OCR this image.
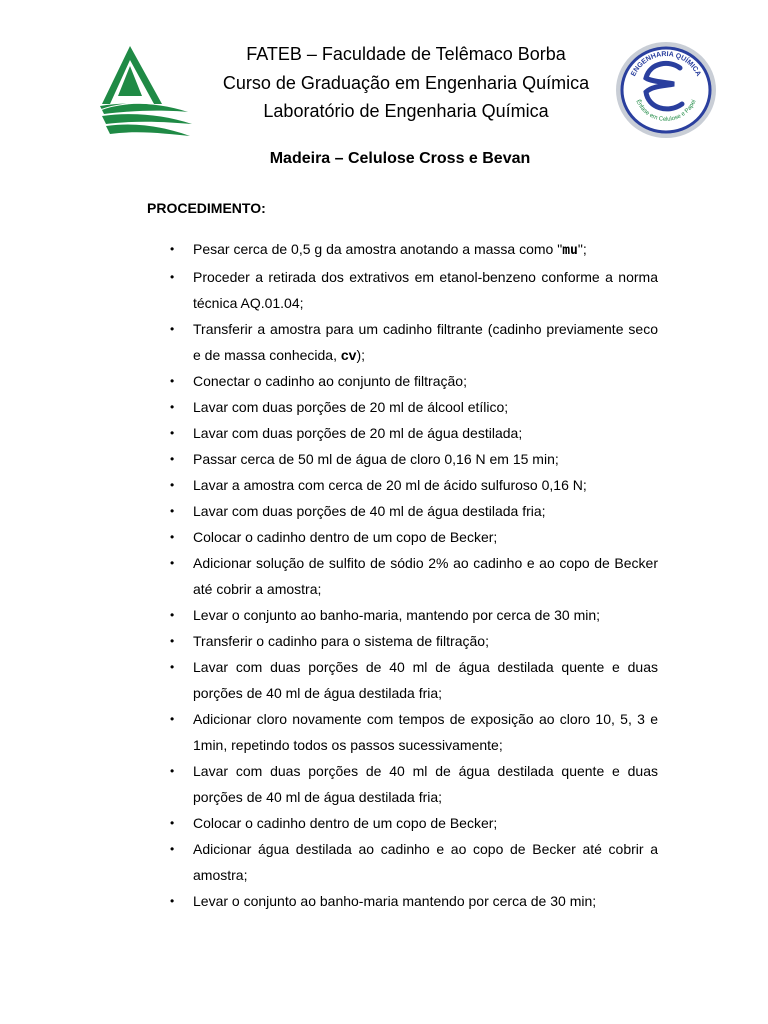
FATEB – Faculdade de Telêmaco Borba
Curso de Graduação em Engenharia Química
Laboratório de Engenharia Química
ENGENHARIA QUÍMICA
Ênfase em Celulose e Papel
Madeira – Celulose Cross e Bevan
PROCEDIMENTO:
• Pesar cerca de 0,5 g da amostra anotando a massa como "mu";
• Proceder a retirada dos extrativos em etanol-benzeno conforme a norma técnica AQ.01.04;
• Transferir a amostra para um cadinho filtrante (cadinho previamente seco e de massa conhecida, cv);
• Conectar o cadinho ao conjunto de filtração;
• Lavar com duas porções de 20 ml de álcool etílico;
• Lavar com duas porções de 20 ml de água destilada;
• Passar cerca de 50 ml de água de cloro 0,16 N em 15 min;
• Lavar a amostra com cerca de 20 ml de ácido sulfuroso 0,16 N;
• Lavar com duas porções de 40 ml de água destilada fria;
• Colocar o cadinho dentro de um copo de Becker;
• Adicionar solução de sulfito de sódio 2% ao cadinho e ao copo de Becker até cobrir a amostra;
• Levar o conjunto ao banho-maria, mantendo por cerca de 30 min;
• Transferir o cadinho para o sistema de filtração;
• Lavar com duas porções de 40 ml de água destilada quente e duas porções de 40 ml de água destilada fria;
• Adicionar cloro novamente com tempos de exposição ao cloro 10, 5, 3 e 1min, repetindo todos os passos sucessivamente;
• Lavar com duas porções de 40 ml de água destilada quente e duas porções de 40 ml de água destilada fria;
• Colocar o cadinho dentro de um copo de Becker;
• Adicionar água destilada ao cadinho e ao copo de Becker até cobrir a amostra;
• Levar o conjunto ao banho-maria mantendo por cerca de 30 min;
